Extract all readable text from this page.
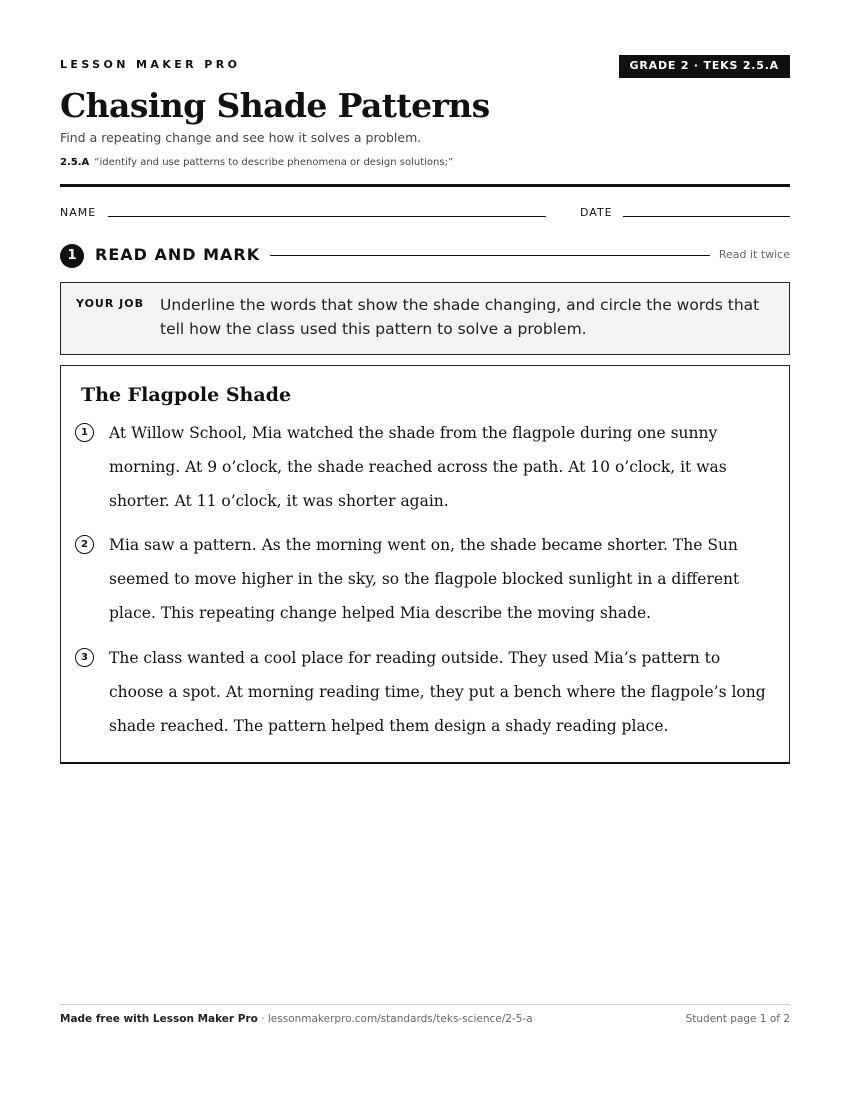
LESSON MAKER PRO	GRADE 2 · TEKS 2.5.A
Chasing Shade Patterns
Find a repeating change and see how it solves a problem.
2.5.A “identify and use patterns to describe phenomena or design solutions;”
NAME	DATE
1	READ AND MARK	Read it twice
YOUR JOB Underline the words that show the shade changing, and circle the words that tell how the class used this pattern to solve a problem.
The Flagpole Shade
1	At Willow School, Mia watched the shade from the flagpole during one sunny morning. At 9 o’clock, the shade reached across the path. At 10 o’clock, it was shorter. At 11 o’clock, it was shorter again.
2	Mia saw a pattern. As the morning went on, the shade became shorter. The Sun seemed to move higher in the sky, so the flagpole blocked sunlight in a different place. This repeating change helped Mia describe the moving shade.
3	The class wanted a cool place for reading outside. They used Mia’s pattern to choose a spot. At morning reading time, they put a bench where the flagpole’s long shade reached. The pattern helped them design a shady reading place.
Made free with Lesson Maker Pro · lessonmakerpro.com/standards/teks-science/2-5-a	Student page 1 of 2
